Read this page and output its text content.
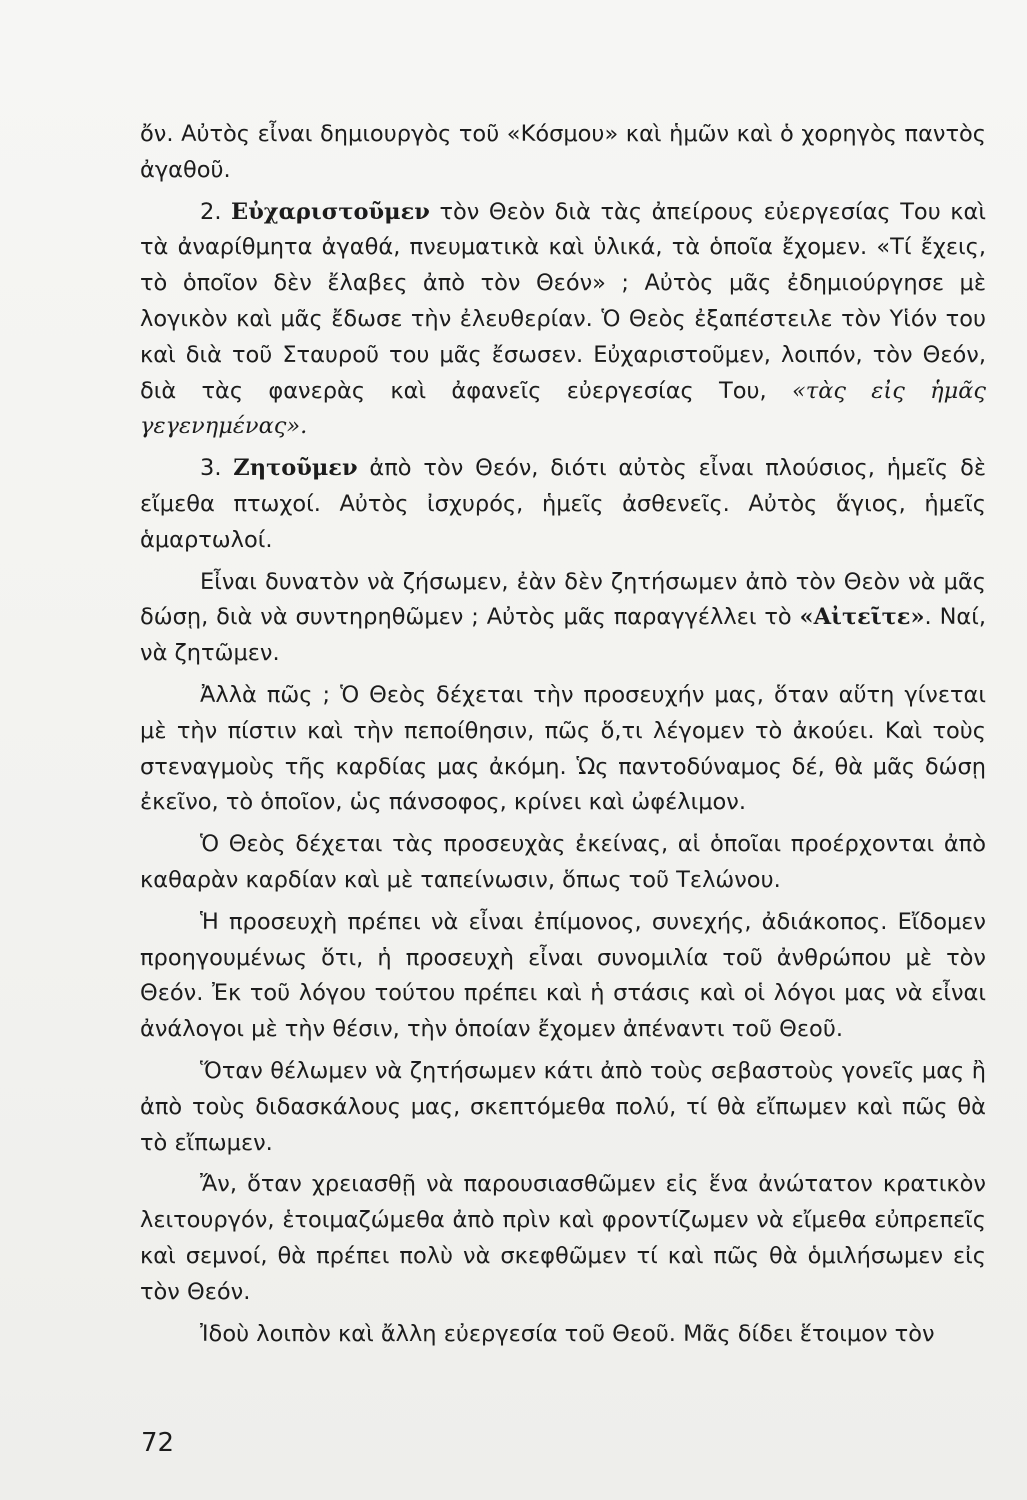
ὄν. Αὐτὸς εἶναι δημιουργὸς τοῦ «Κόσμου» καὶ ἡμῶν καὶ ὁ χορηγὸς παντὸς ἀγαθοῦ.

2. Εὐχαριστοῦμεν τὸν Θεὸν διὰ τὰς ἀπείρους εὐεργεσίας Του καὶ τὰ ἀναρίθμητα ἀγαθά, πνευματικὰ καὶ ὑλικά, τὰ ὁποῖα ἔχομεν. «Τί ἔχεις, τὸ ὁποῖον δὲν ἔλαβες ἀπὸ τὸν Θεόν» ; Αὐτὸς μᾶς ἐδημιούργησε μὲ λογικὸν καὶ μᾶς ἔδωσε τὴν ἐλευθερίαν. Ὁ Θεὸς ἐξαπέστειλε τὸν Υἱόν του καὶ διὰ τοῦ Σταυροῦ του μᾶς ἔσωσεν. Εὐχαριστοῦμεν, λοιπόν, τὸν Θεόν, διὰ τὰς φανερὰς καὶ ἀφανεῖς εὐεργεσίας Του, «τὰς εἰς ἡμᾶς γεγενημένας».

3. Ζητοῦμεν ἀπὸ τὸν Θεόν, διότι αὐτὸς εἶναι πλούσιος, ἡμεῖς δὲ εἴμεθα πτωχοί. Αὐτὸς ἰσχυρός, ἡμεῖς ἀσθενεῖς. Αὐτὸς ἅγιος, ἡμεῖς ἁμαρτωλοί.

Εἶναι δυνατὸν νὰ ζήσωμεν, ἐὰν δὲν ζητήσωμεν ἀπὸ τὸν Θεὸν νὰ μᾶς δώσῃ, διὰ νὰ συντηρηθῶμεν ; Αὐτὸς μᾶς παραγγέλλει τὸ «Αἰτεῖτε». Ναί, νὰ ζητῶμεν.

Ἀλλὰ πῶς ; Ὁ Θεὸς δέχεται τὴν προσευχήν μας, ὅταν αὕτη γίνεται μὲ τὴν πίστιν καὶ τὴν πεποίθησιν, πῶς ὅ,τι λέγομεν τὸ ἀκούει. Καὶ τοὺς στεναγμοὺς τῆς καρδίας μας ἀκόμη. Ὡς παντοδύναμος δέ, θὰ μᾶς δώσῃ ἐκεῖνο, τὸ ὁποῖον, ὡς πάνσοφος, κρίνει καὶ ὠφέλιμον.

Ὁ Θεὸς δέχεται τὰς προσευχὰς ἐκείνας, αἱ ὁποῖαι προέρχονται ἀπὸ καθαρὰν καρδίαν καὶ μὲ ταπείνωσιν, ὅπως τοῦ Τελώνου.

Ἡ προσευχὴ πρέπει νὰ εἶναι ἐπίμονος, συνεχής, ἀδιάκοπος. Εἴδομεν προηγουμένως ὅτι, ἡ προσευχὴ εἶναι συνομιλία τοῦ ἀνθρώπου μὲ τὸν Θεόν. Ἐκ τοῦ λόγου τούτου πρέπει καὶ ἡ στάσις καὶ οἱ λόγοι μας νὰ εἶναι ἀνάλογοι μὲ τὴν θέσιν, τὴν ὁποίαν ἔχομεν ἀπέναντι τοῦ Θεοῦ.

Ὅταν θέλωμεν νὰ ζητήσωμεν κάτι ἀπὸ τοὺς σεβαστοὺς γονεῖς μας ἢ ἀπὸ τοὺς διδασκάλους μας, σκεπτόμεθα πολύ, τί θὰ εἴπωμεν καὶ πῶς θὰ τὸ εἴπωμεν.

Ἄν, ὅταν χρειασθῇ νὰ παρουσιασθῶμεν εἰς ἕνα ἀνώτατον κρατικὸν λειτουργόν, ἑτοιμαζώμεθα ἀπὸ πρὶν καὶ φροντίζωμεν νὰ εἴμεθα εὐπρεπεῖς καὶ σεμνοί, θὰ πρέπει πολὺ νὰ σκεφθῶμεν τί καὶ πῶς θὰ ὁμιλήσωμεν εἰς τὸν Θεόν.

Ἰδοὺ λοιπὸν καὶ ἄλλη εὐεργεσία τοῦ Θεοῦ. Μᾶς δίδει ἕτοιμον τὸν

72
